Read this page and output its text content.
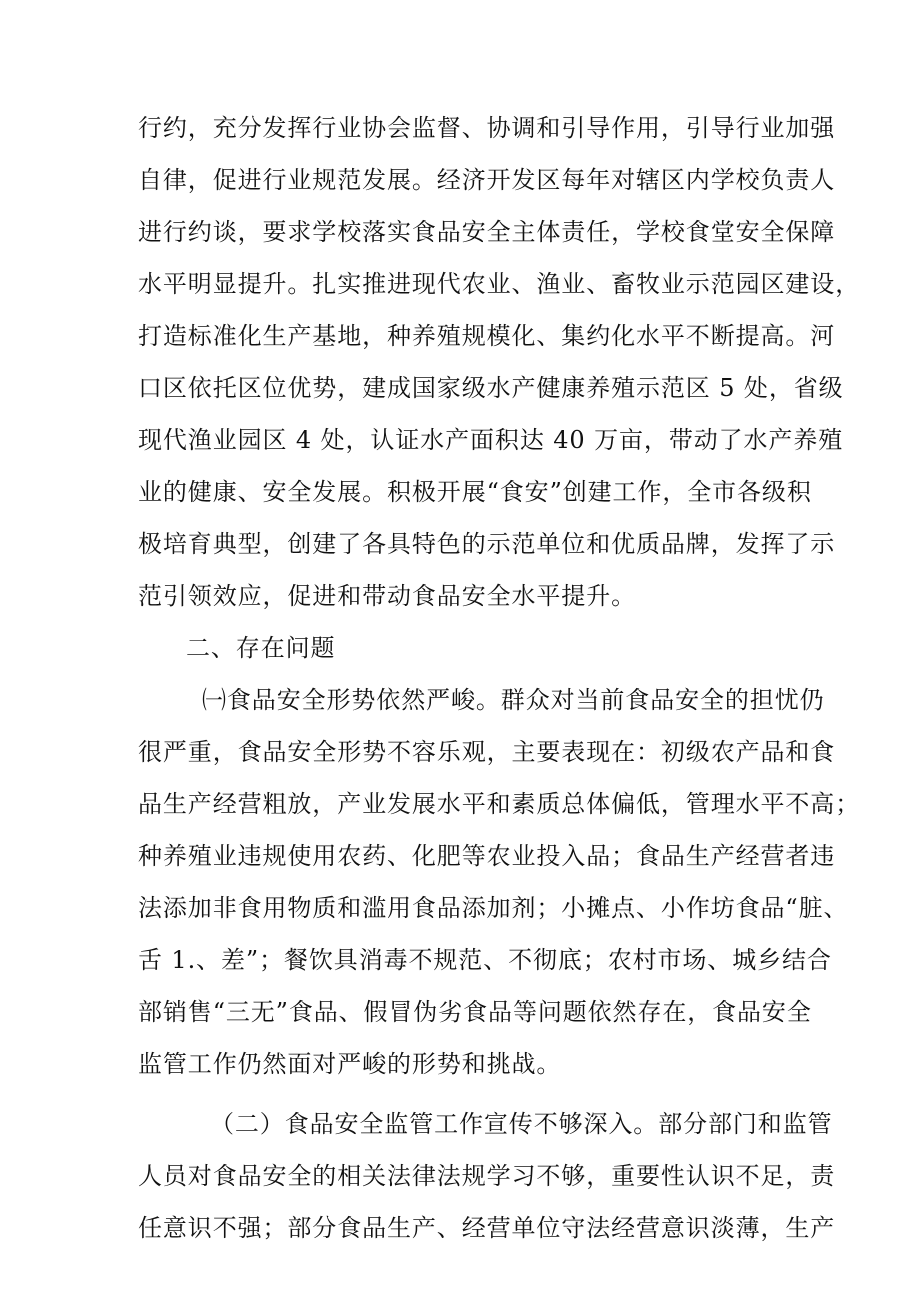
行约，充分发挥行业协会监督、协调和引导作用，引导行业加强
自律，促进行业规范发展。经济开发区每年对辖区内学校负责人
进行约谈，要求学校落实食品安全主体责任，学校食堂安全保障
水平明显提升。扎实推进现代农业、渔业、畜牧业示范园区建设，
打造标准化生产基地，种养殖规模化、集约化水平不断提高。河
口区依托区位优势，建成国家级水产健康养殖示范区 5 处，省级
现代渔业园区 4 处，认证水产面积达 40 万亩，带动了水产养殖
业的健康、安全发展。积极开展“食安”创建工作，全市各级积
极培育典型，创建了各具特色的示范单位和优质品牌，发挥了示
范引领效应，促进和带动食品安全水平提升。
二、存在问题
㈠食品安全形势依然严峻。群众对当前食品安全的担忧仍
很严重，食品安全形势不容乐观，主要表现在：初级农产品和食
品生产经营粗放，产业发展水平和素质总体偏低，管理水平不高；
种养殖业违规使用农药、化肥等农业投入品；食品生产经营者违
法添加非食用物质和滥用食品添加剂；小摊点、小作坊食品“脏、
舌 1.、差”；餐饮具消毒不规范、不彻底；农村市场、城乡结合
部销售“三无”食品、假冒伪劣食品等问题依然存在，食品安全
监管工作仍然面对严峻的形势和挑战。
（二）食品安全监管工作宣传不够深入。部分部门和监管
人员对食品安全的相关法律法规学习不够，重要性认识不足，责
任意识不强；部分食品生产、经营单位守法经营意识淡薄，生产
